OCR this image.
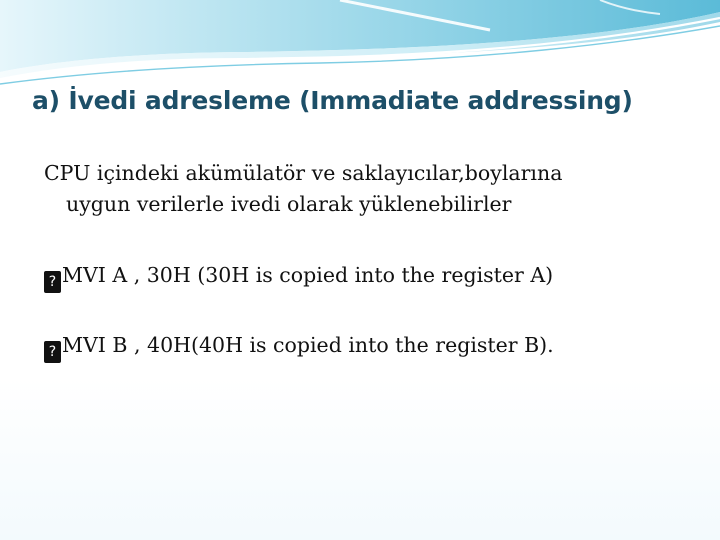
a) İvedi adresleme (Immadiate addressing)
CPU içindeki akümülatör ve saklayıcılar,boylarına
uygun verilerle ivedi olarak yüklenebilirler
? MVI A , 30H (30H is copied into the register A)
? MVI B , 40H(40H is copied into the register B).
